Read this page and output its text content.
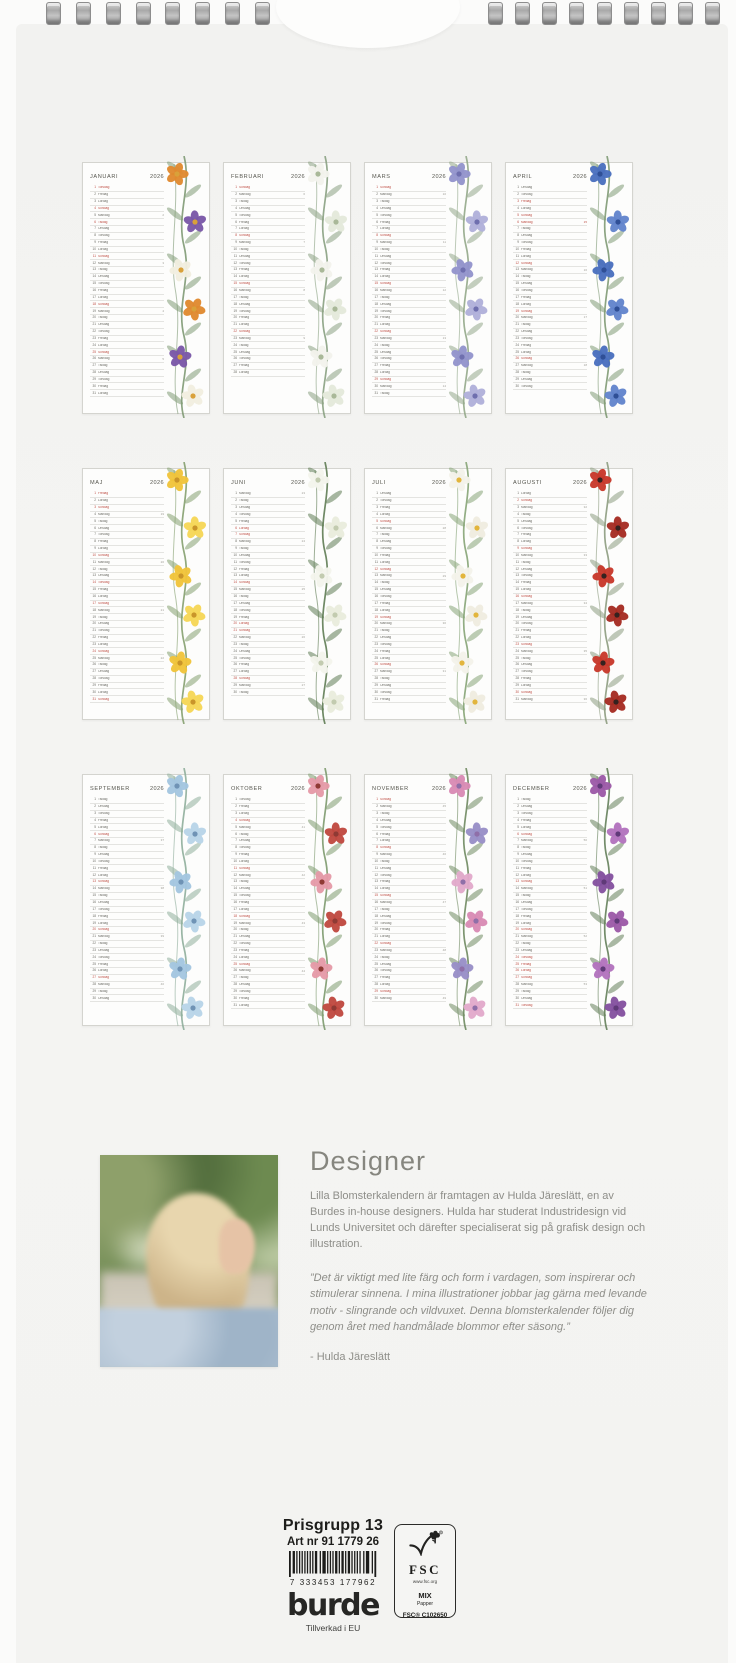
JANUARI	2026
1 Torsdag
2 Fredag
3 Lördag
4 Söndag
5 Måndag	2
6 Tisdag
7 Onsdag
8 Torsdag
9 Fredag
10 Lördag
11 Söndag
12 Måndag	3
13 Tisdag
14 Onsdag
15 Torsdag
16 Fredag
17 Lördag
18 Söndag
19 Måndag	4
20 Tisdag
21 Onsdag
22 Torsdag
23 Fredag
24 Lördag
25 Söndag
26 Måndag	5
27 Tisdag
28 Onsdag
29 Torsdag
30 Fredag
31 Lördag
FEBRUARI	2026
1 Söndag
2 Måndag	6
3 Tisdag
4 Onsdag
5 Torsdag
6 Fredag
7 Lördag
8 Söndag
9 Måndag	7
10 Tisdag
11 Onsdag
12 Torsdag
13 Fredag
14 Lördag
15 Söndag
16 Måndag	8
17 Tisdag
18 Onsdag
19 Torsdag
20 Fredag
21 Lördag
22 Söndag
23 Måndag	9
24 Tisdag
25 Onsdag
26 Torsdag
27 Fredag
28 Lördag
MARS	2026
1 Söndag
2 Måndag	10
3 Tisdag
4 Onsdag
5 Torsdag
6 Fredag
7 Lördag
8 Söndag
9 Måndag	11
10 Tisdag
11 Onsdag
12 Torsdag
13 Fredag
14 Lördag
15 Söndag
16 Måndag	12
17 Tisdag
18 Onsdag
19 Torsdag
20 Fredag
21 Lördag
22 Söndag
23 Måndag	13
24 Tisdag
25 Onsdag
26 Torsdag
27 Fredag
28 Lördag
29 Söndag
30 Måndag	14
31 Tisdag
APRIL	2026
1 Onsdag
2 Torsdag
3 Fredag
4 Lördag
5 Söndag
6 Måndag	15
7 Tisdag
8 Onsdag
9 Torsdag
10 Fredag
11 Lördag
12 Söndag
13 Måndag	16
14 Tisdag
15 Onsdag
16 Torsdag
17 Fredag
18 Lördag
19 Söndag
20 Måndag	17
21 Tisdag
22 Onsdag
23 Torsdag
24 Fredag
25 Lördag
26 Söndag
27 Måndag	18
28 Tisdag
29 Onsdag
30 Torsdag
MAJ	2026
1 Fredag
2 Lördag
3 Söndag
4 Måndag	19
5 Tisdag
6 Onsdag
7 Torsdag
8 Fredag
9 Lördag
10 Söndag
11 Måndag	20
12 Tisdag
13 Onsdag
14 Torsdag
15 Fredag
16 Lördag
17 Söndag
18 Måndag	21
19 Tisdag
20 Onsdag
21 Torsdag
22 Fredag
23 Lördag
24 Söndag
25 Måndag	22
26 Tisdag
27 Onsdag
28 Torsdag
29 Fredag
30 Lördag
31 Söndag
JUNI	2026
1 Måndag	23
2 Tisdag
3 Onsdag
4 Torsdag
5 Fredag
6 Lördag
7 Söndag
8 Måndag	24
9 Tisdag
10 Onsdag
11 Torsdag
12 Fredag
13 Lördag
14 Söndag
15 Måndag	25
16 Tisdag
17 Onsdag
18 Torsdag
19 Fredag
20 Lördag
21 Söndag
22 Måndag	26
23 Tisdag
24 Onsdag
25 Torsdag
26 Fredag
27 Lördag
28 Söndag
29 Måndag	27
30 Tisdag
JULI	2026
1 Onsdag
2 Torsdag
3 Fredag
4 Lördag
5 Söndag
6 Måndag	28
7 Tisdag
8 Onsdag
9 Torsdag
10 Fredag
11 Lördag
12 Söndag
13 Måndag	29
14 Tisdag
15 Onsdag
16 Torsdag
17 Fredag
18 Lördag
19 Söndag
20 Måndag	30
21 Tisdag
22 Onsdag
23 Torsdag
24 Fredag
25 Lördag
26 Söndag
27 Måndag	31
28 Tisdag
29 Onsdag
30 Torsdag
31 Fredag
AUGUSTI	2026
1 Lördag
2 Söndag
3 Måndag	32
4 Tisdag
5 Onsdag
6 Torsdag
7 Fredag
8 Lördag
9 Söndag
10 Måndag	33
11 Tisdag
12 Onsdag
13 Torsdag
14 Fredag
15 Lördag
16 Söndag
17 Måndag	34
18 Tisdag
19 Onsdag
20 Torsdag
21 Fredag
22 Lördag
23 Söndag
24 Måndag	35
25 Tisdag
26 Onsdag
27 Torsdag
28 Fredag
29 Lördag
30 Söndag
31 Måndag	36
SEPTEMBER	2026
1 Tisdag
2 Onsdag
3 Torsdag
4 Fredag
5 Lördag
6 Söndag
7 Måndag	37
8 Tisdag
9 Onsdag
10 Torsdag
11 Fredag
12 Lördag
13 Söndag
14 Måndag	38
15 Tisdag
16 Onsdag
17 Torsdag
18 Fredag
19 Lördag
20 Söndag
21 Måndag	39
22 Tisdag
23 Onsdag
24 Torsdag
25 Fredag
26 Lördag
27 Söndag
28 Måndag	40
29 Tisdag
30 Onsdag
OKTOBER	2026
1 Torsdag
2 Fredag
3 Lördag
4 Söndag
5 Måndag	41
6 Tisdag
7 Onsdag
8 Torsdag
9 Fredag
10 Lördag
11 Söndag
12 Måndag	42
13 Tisdag
14 Onsdag
15 Torsdag
16 Fredag
17 Lördag
18 Söndag
19 Måndag	43
20 Tisdag
21 Onsdag
22 Torsdag
23 Fredag
24 Lördag
25 Söndag
26 Måndag	44
27 Tisdag
28 Onsdag
29 Torsdag
30 Fredag
31 Lördag
NOVEMBER	2026
1 Söndag
2 Måndag	45
3 Tisdag
4 Onsdag
5 Torsdag
6 Fredag
7 Lördag
8 Söndag
9 Måndag	46
10 Tisdag
11 Onsdag
12 Torsdag
13 Fredag
14 Lördag
15 Söndag
16 Måndag	47
17 Tisdag
18 Onsdag
19 Torsdag
20 Fredag
21 Lördag
22 Söndag
23 Måndag	48
24 Tisdag
25 Onsdag
26 Torsdag
27 Fredag
28 Lördag
29 Söndag
30 Måndag	49
DECEMBER	2026
1 Tisdag
2 Onsdag
3 Torsdag
4 Fredag
5 Lördag
6 Söndag
7 Måndag	50
8 Tisdag
9 Onsdag
10 Torsdag
11 Fredag
12 Lördag
13 Söndag
14 Måndag	51
15 Tisdag
16 Onsdag
17 Torsdag
18 Fredag
19 Lördag
20 Söndag
21 Måndag	52
22 Tisdag
23 Onsdag
24 Torsdag
25 Fredag
26 Lördag
27 Söndag
28 Måndag	53
29 Tisdag
30 Onsdag
31 Torsdag
Designer
Lilla Blomsterkalendern är framtagen av Hulda Järeslätt, en av Burdes in-house designers. Hulda har studerat Industridesign vid Lunds Universitet och därefter specialiserat sig på grafisk design och illustration.
”Det är viktigt med lite färg och form i vardagen, som inspirerar och stimulerar sinnena. I mina illustrationer jobbar jag gärna med levande motiv - slingrande och vildvuxet. Denna blomsterkalender följer dig genom året med handmålade blommor efter säsong.”
- Hulda Järeslätt
Prisgrupp 13
Art nr 91 1779 26
7 333453 177962
burde
Tillverkad i EU
R
FSC
www.fsc.org
MIX
Papper
FSC® C102650
